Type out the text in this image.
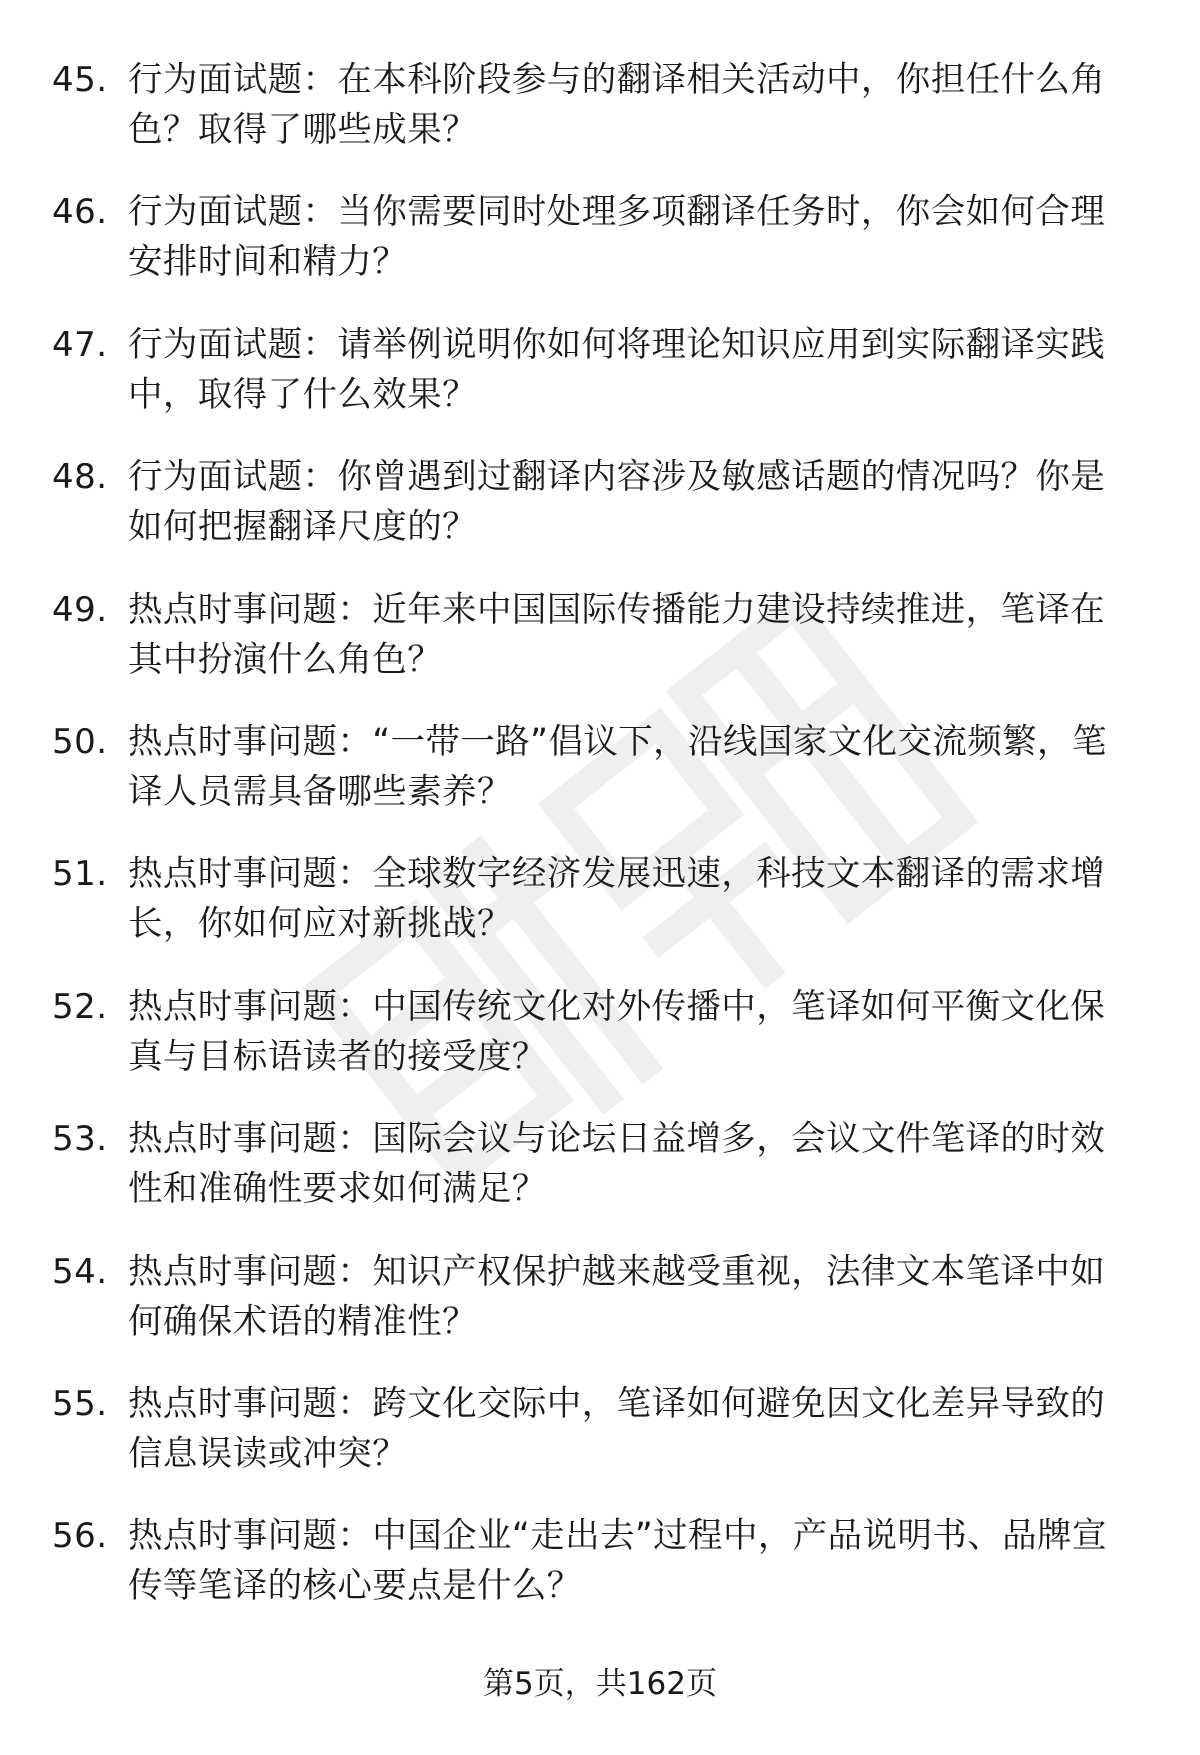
45. 行为面试题：在本科阶段参与的翻译相关活动中，你担任什么角色？取得了哪些成果？
46. 行为面试题：当你需要同时处理多项翻译任务时，你会如何合理安排时间和精力？
47. 行为面试题：请举例说明你如何将理论知识应用到实际翻译实践中，取得了什么效果？
48. 行为面试题：你曾遇到过翻译内容涉及敏感话题的情况吗？你是如何把握翻译尺度的？
49. 热点时事问题：近年来中国国际传播能力建设持续推进，笔译在其中扮演什么角色？
50. 热点时事问题：“一带一路”倡议下，沿线国家文化交流频繁，笔译人员需具备哪些素养？
51. 热点时事问题：全球数字经济发展迅速，科技文本翻译的需求增长，你如何应对新挑战？
52. 热点时事问题：中国传统文化对外传播中，笔译如何平衡文化保真与目标语读者的接受度？
53. 热点时事问题：国际会议与论坛日益增多，会议文件笔译的时效性和准确性要求如何满足？
54. 热点时事问题：知识产权保护越来越受重视，法律文本笔译中如何确保术语的精准性？
55. 热点时事问题：跨文化交际中，笔译如何避免因文化差异导致的信息误读或冲突？
56. 热点时事问题：中国企业“走出去”过程中，产品说明书、品牌宣传等笔译的核心要点是什么？
第5页，共162页
